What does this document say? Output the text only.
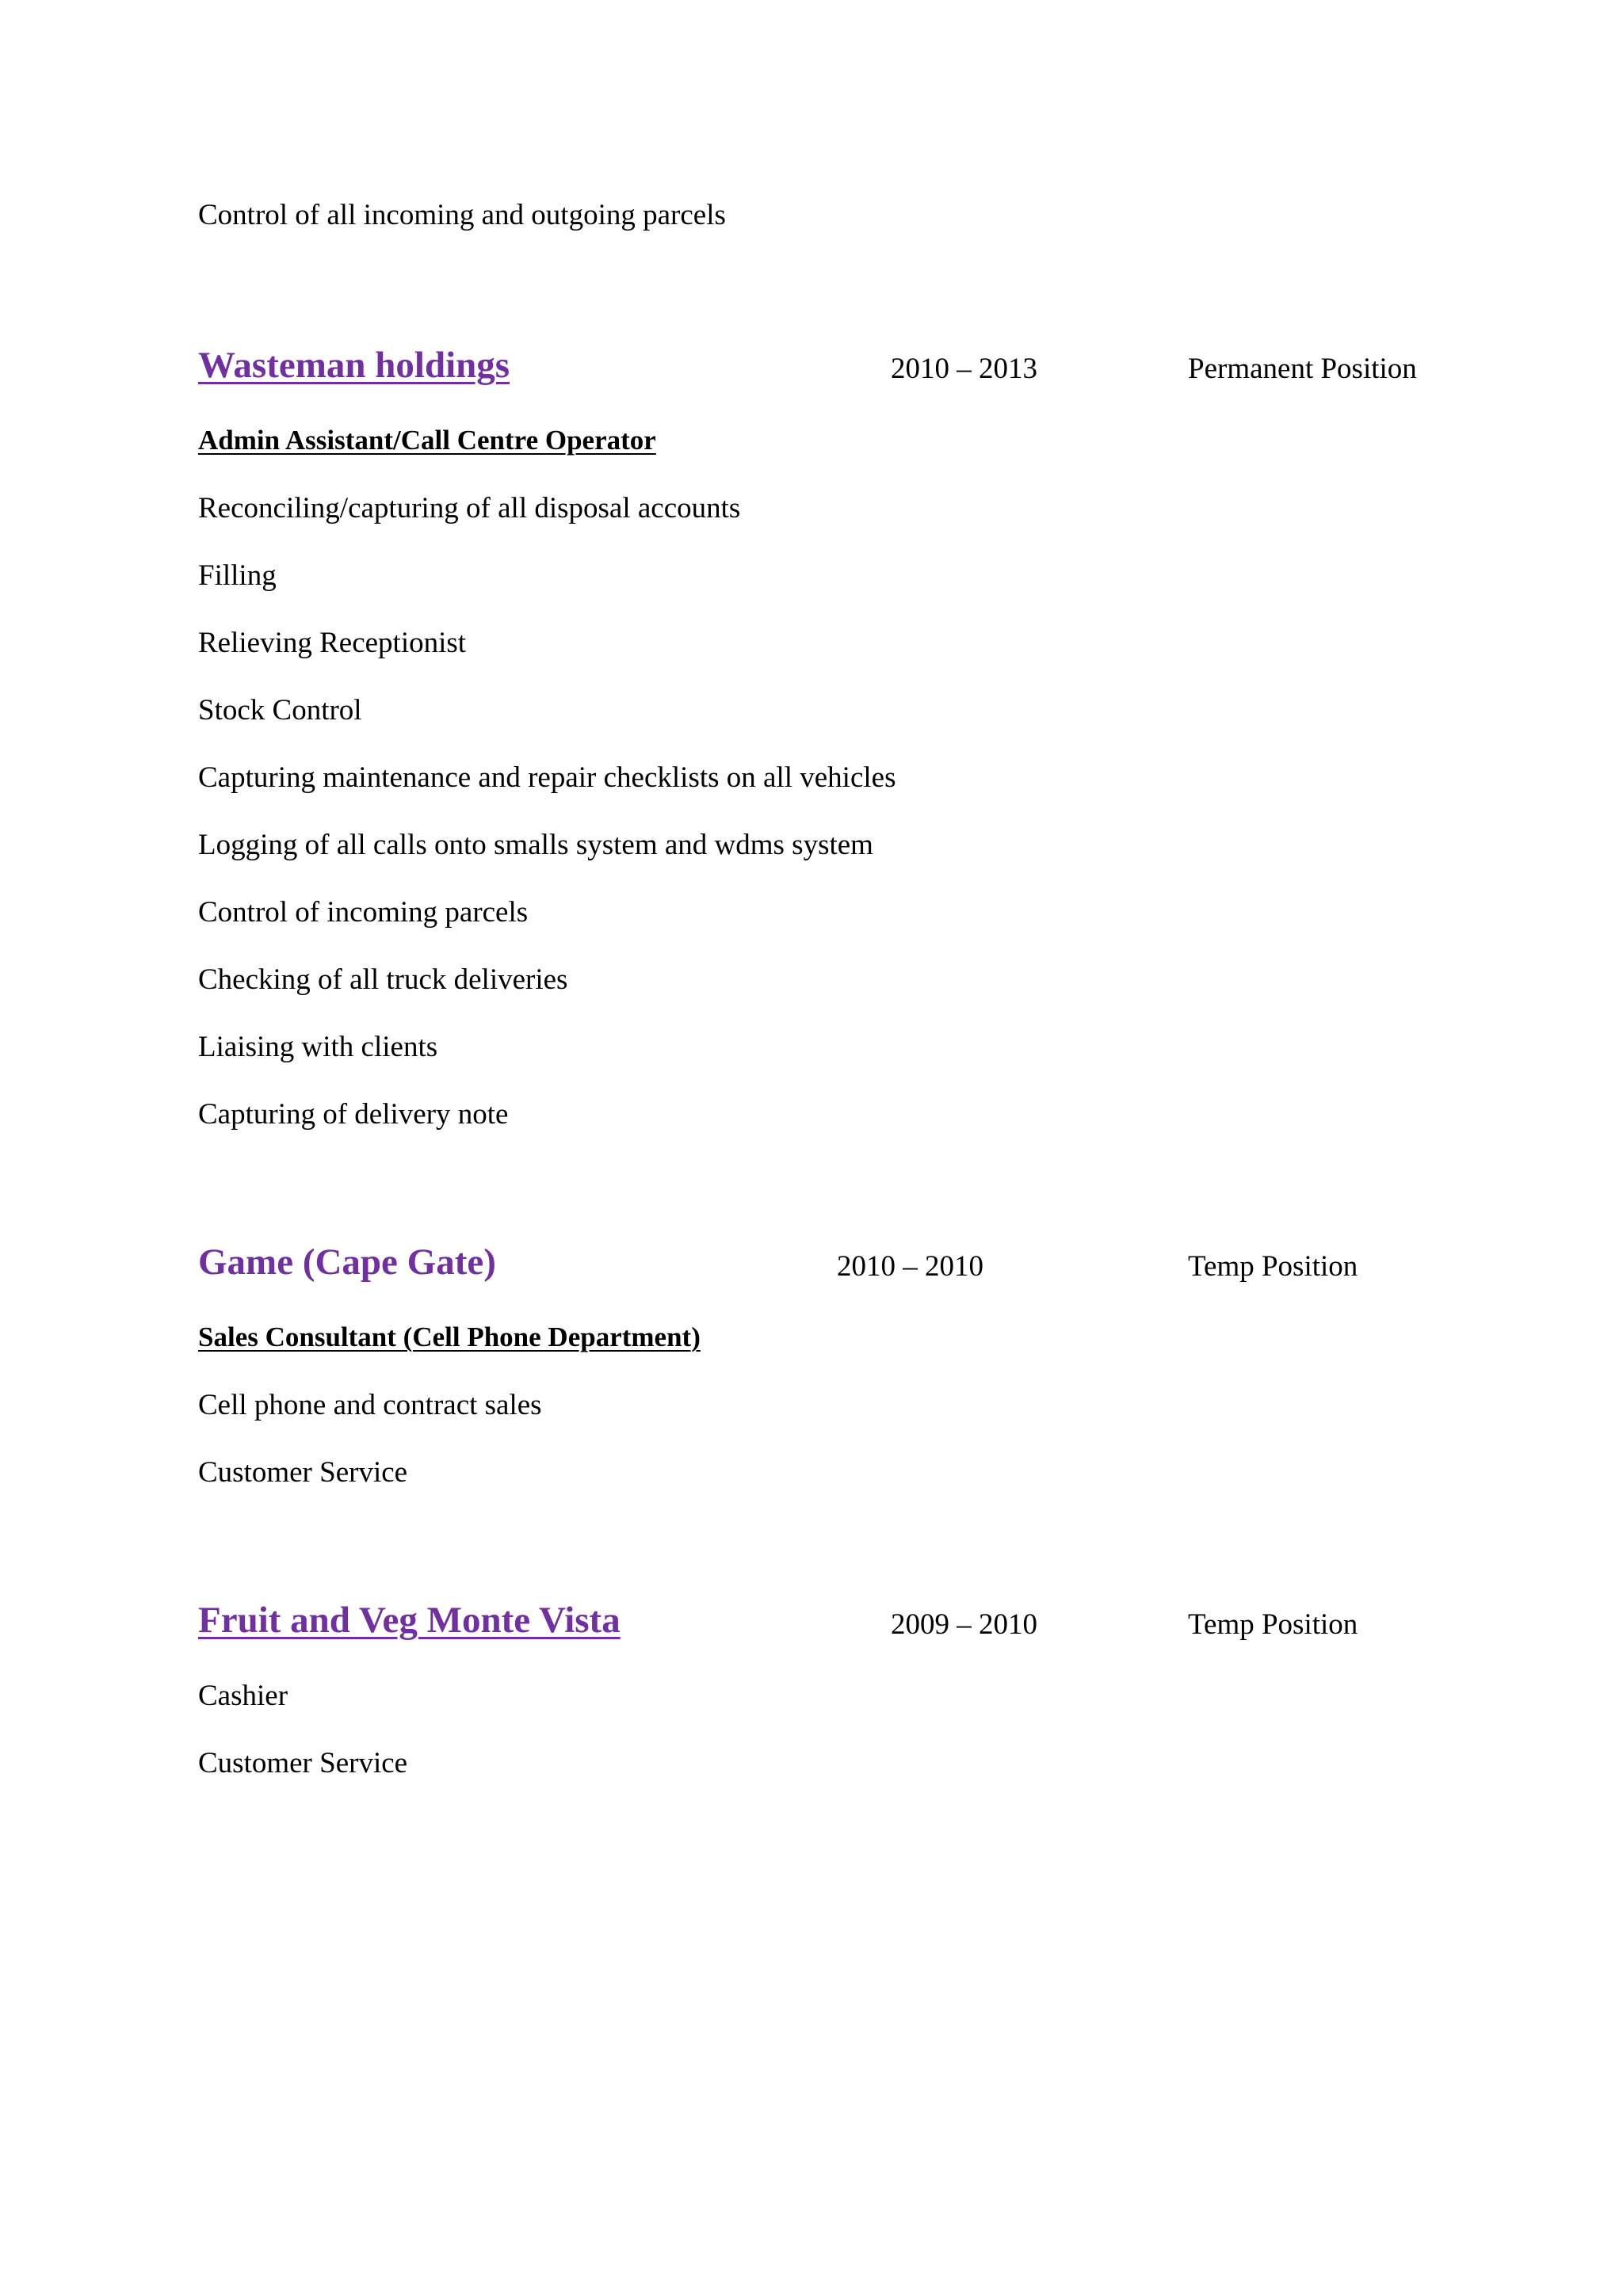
Control of all incoming and outgoing parcels
Wasteman holdings	2010 – 2013	Permanent Position
Admin Assistant/Call Centre Operator
Reconciling/capturing of all disposal accounts
Filling
Relieving Receptionist
Stock Control
Capturing maintenance and repair checklists on all vehicles
Logging of all calls onto smalls system and wdms system
Control of incoming parcels
Checking of all truck deliveries
Liaising with clients
Capturing of delivery note
Game (Cape Gate)	2010 – 2010	Temp Position
Sales Consultant (Cell Phone Department)
Cell phone and contract sales
Customer Service
Fruit and Veg Monte Vista	2009 – 2010	Temp Position
Cashier
Customer Service
